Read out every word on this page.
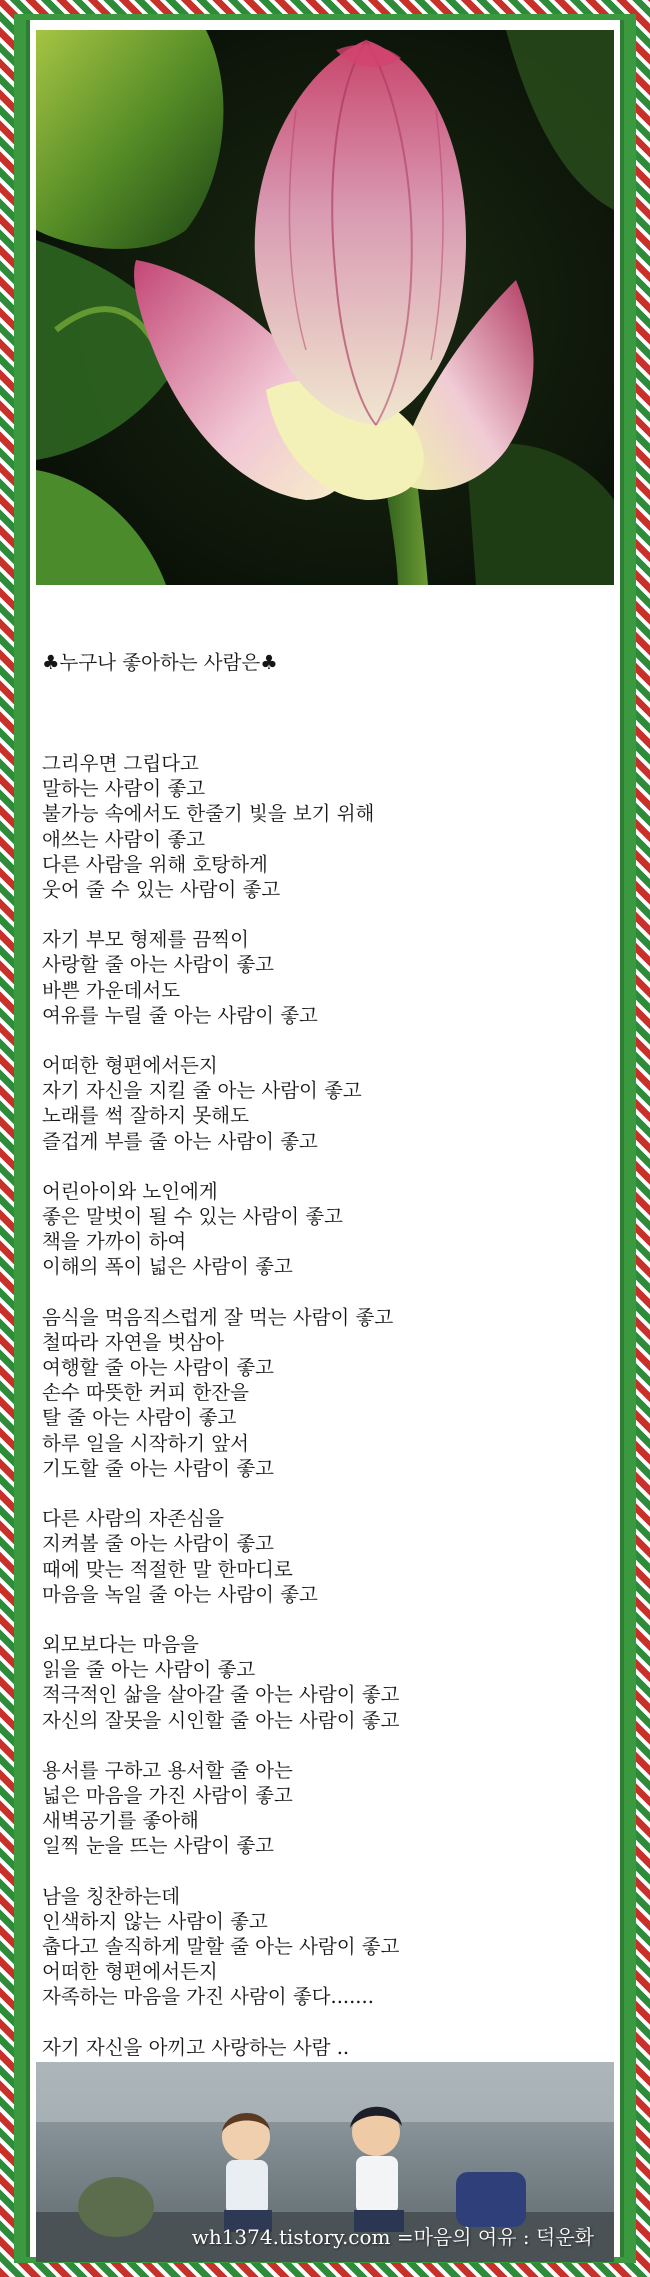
♣누구나 좋아하는 사람은♣

그리우면 그립다고
말하는 사람이 좋고
불가능 속에서도 한줄기 빛을 보기 위해
애쓰는 사람이 좋고
다른 사람을 위해 호탕하게
웃어 줄 수 있는 사람이 좋고
자기 부모 형제를 끔찍이
사랑할 줄 아는 사람이 좋고
바쁜 가운데서도
여유를 누릴 줄 아는 사람이 좋고
어떠한 형편에서든지
자기 자신을 지킬 줄 아는 사람이 좋고
노래를 썩 잘하지 못해도
즐겁게 부를 줄 아는 사람이 좋고
어린아이와 노인에게
좋은 말벗이 될 수 있는 사람이 좋고
책을 가까이 하여
이해의 폭이 넓은 사람이 좋고
음식을 먹음직스럽게 잘 먹는 사람이 좋고
철따라 자연을 벗삼아
여행할 줄 아는 사람이 좋고
손수 따뜻한 커피 한잔을
탈 줄 아는 사람이 좋고
하루 일을 시작하기 앞서
기도할 줄 아는 사람이 좋고
다른 사람의 자존심을
지켜볼 줄 아는 사람이 좋고
때에 맞는 적절한 말 한마디로
마음을 녹일 줄 아는 사람이 좋고
외모보다는 마음을
읽을 줄 아는 사람이 좋고
적극적인 삶을 살아갈 줄 아는 사람이 좋고
자신의 잘못을 시인할 줄 아는 사람이 좋고
용서를 구하고 용서할 줄 아는
넓은 마음을 가진 사람이 좋고
새벽공기를 좋아해
일찍 눈을 뜨는 사람이 좋고
남을 칭찬하는데
인색하지 않는 사람이 좋고
춥다고 솔직하게 말할 줄 아는 사람이 좋고
어떠한 형편에서든지
자족하는 마음을 가진 사람이 좋다.......
자기 자신을 아끼고 사랑하는 사람 ..

wh1374.tistory.com =마음의 여유 : 덕운화
